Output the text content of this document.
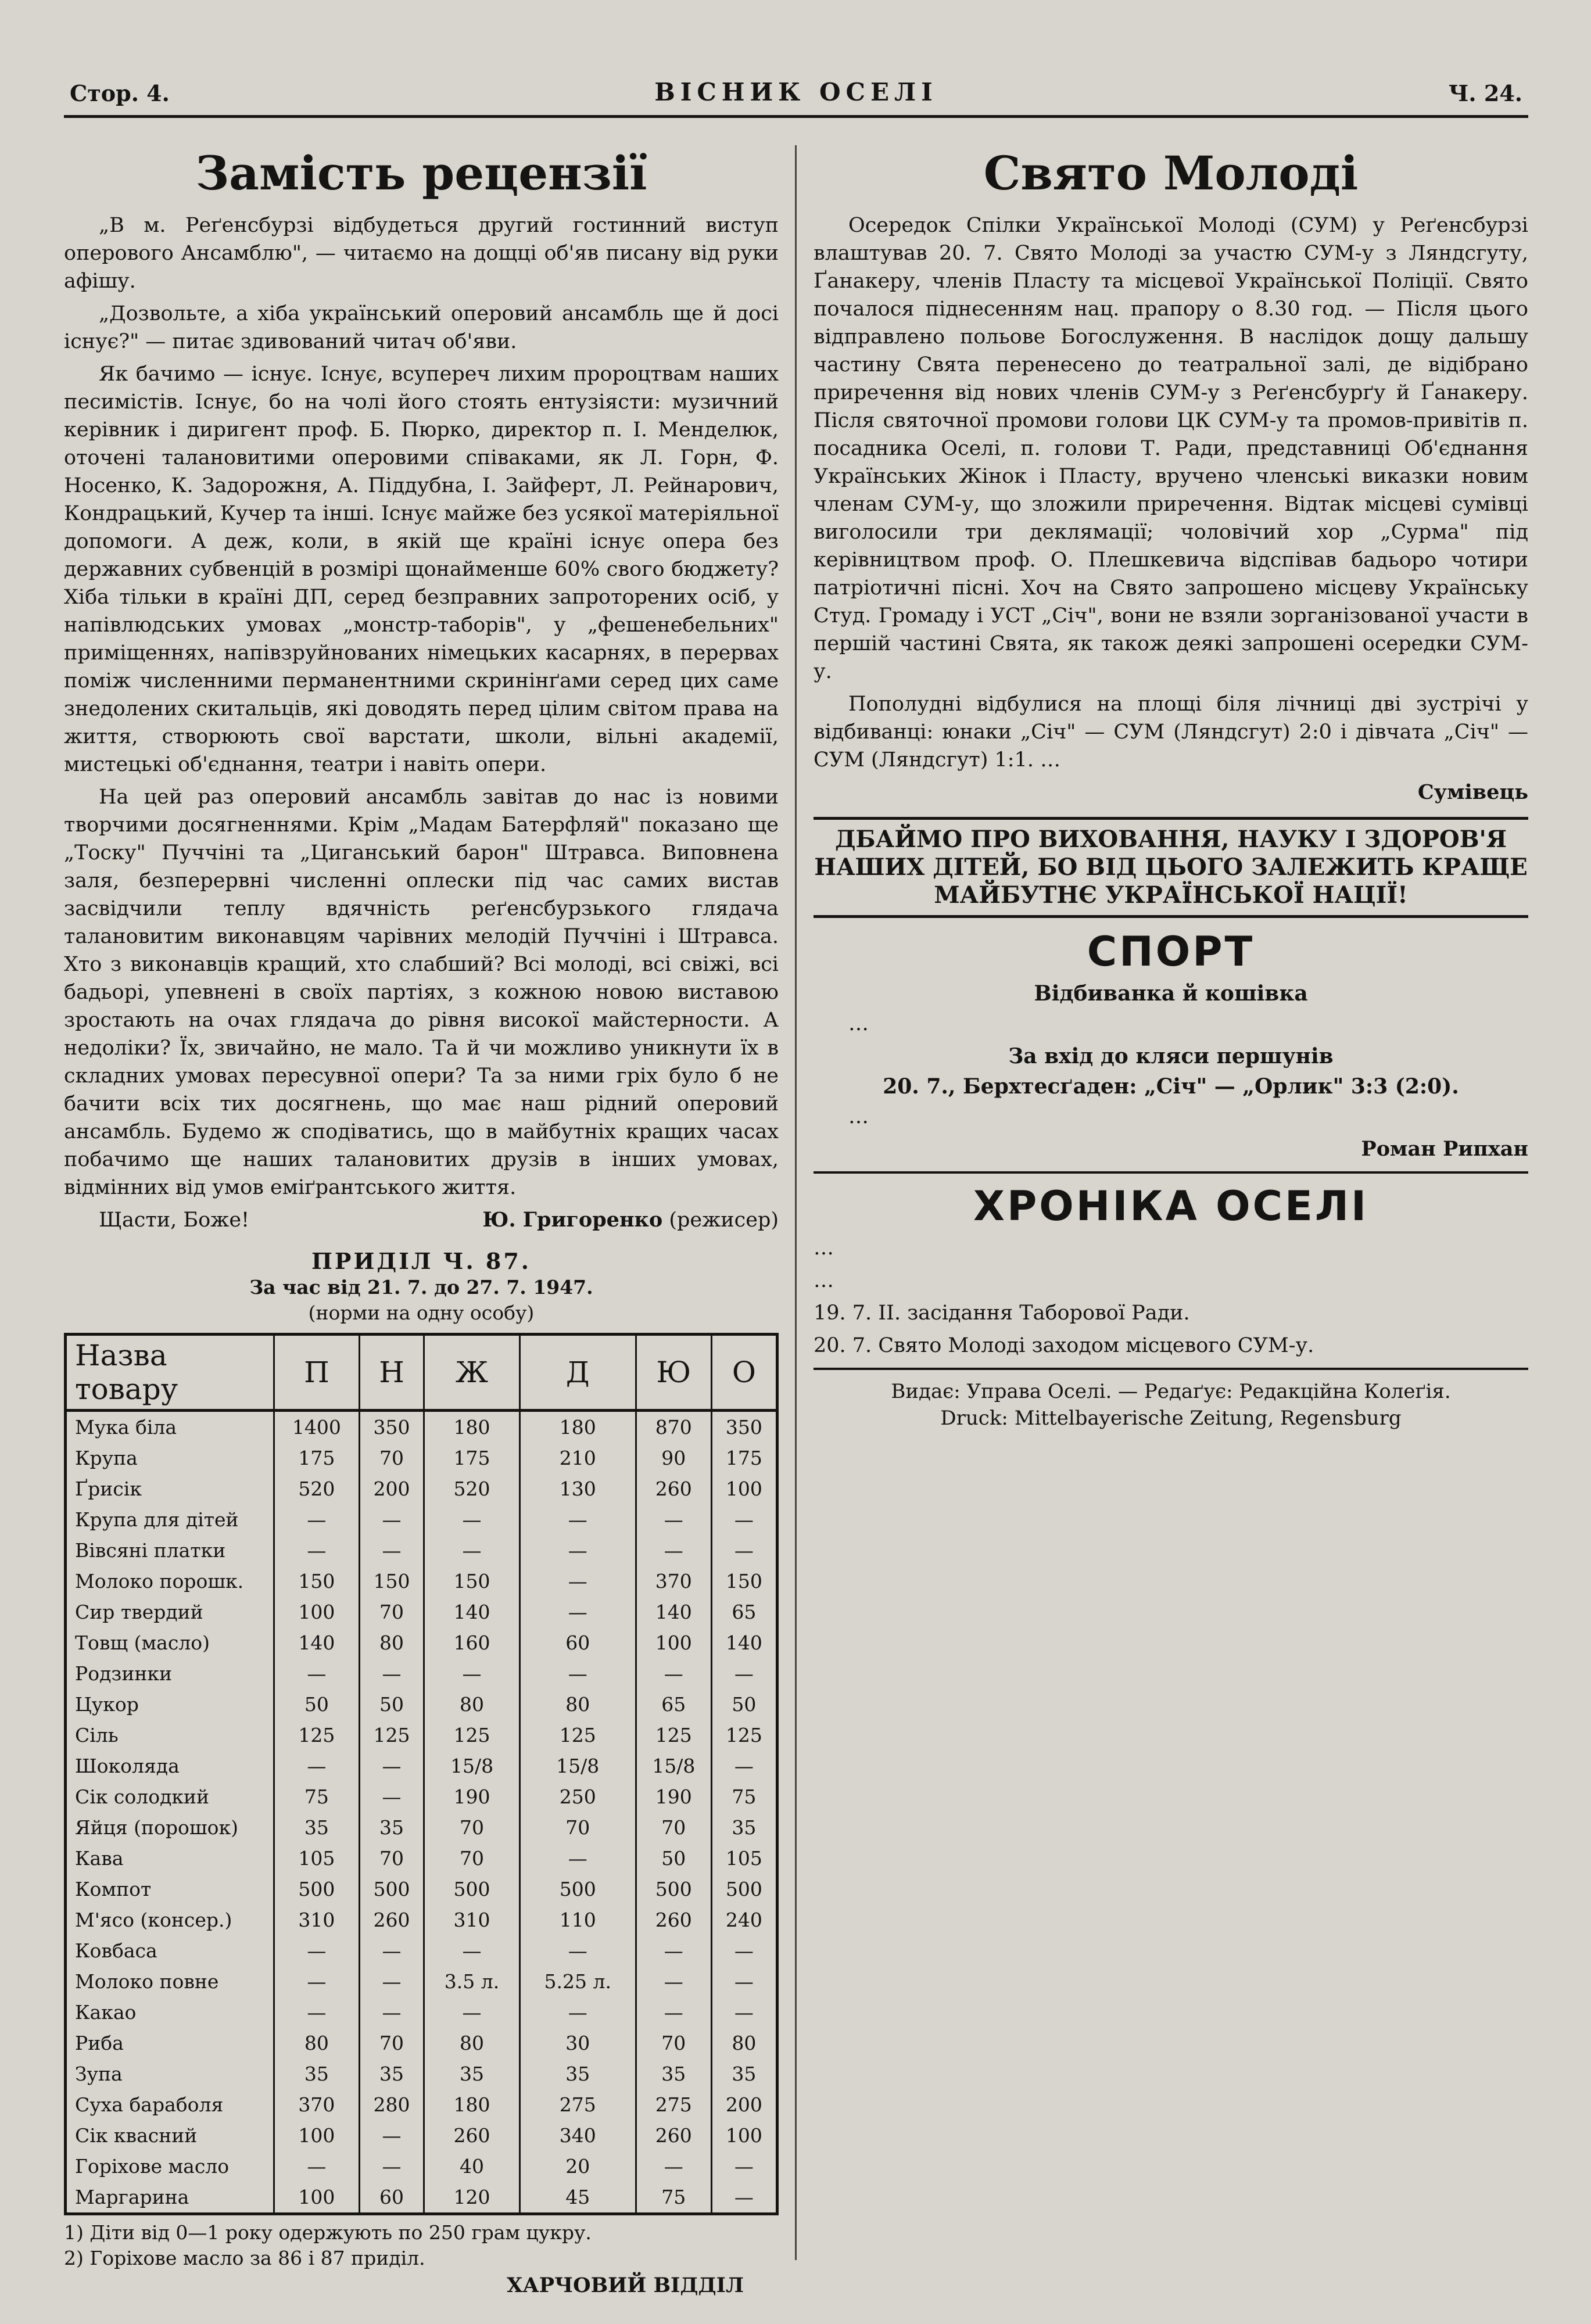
Стор. 4.	ВІСНИК ОСЕЛІ	Ч. 24.
Замість рецензії

„В м. Реґенсбурзі відбудеться другий гостинний виступ оперового Ансамблю", — читаємо на дощці об'яв писану від руки афішу.

„Дозвольте, а хіба український оперовий ансамбль ще й досі існує?" — питає здивований читач об'яви.

Як бачимо — існує. Існує, всупереч лихим пророцтвам наших песимістів. Існує, бо на чолі його стоять ентузіясти: музичний керівник і диригент проф. Б. Пюрко, директор п. І. Менделюк, оточені талановитими оперовими співаками, як Л. Горн, Ф. Носенко, К. Задорожня, А. Піддубна, І. Зайферт, Л. Рейнарович, Кондрацький, Кучер та інші. Існує майже без усякої матеріяльної допомоги. А деж, коли, в якій ще країні існує опера без державних субвенцій в розмірі щонайменше 60% свого бюджету? Хіба тільки в країні ДП, серед безправних запроторених осіб, у напівлюдських умовах „монстр-таборів", у „фешенебельних" приміщеннях, напівзруйнованих німецьких касарнях, в перервах поміж численними перманентними скринінґами серед цих саме знедолених скитальців, які доводять перед цілим світом права на життя, створюють свої варстати, школи, вільні академії, мистецькі об'єднання, театри і навіть опери.

На цей раз оперовий ансамбль завітав до нас із новими творчими досягненнями. Крім „Мадам Батерфляй" показано ще „Тоску" Пуччіні та „Циганський барон" Штравса. Виповнена заля, безперервні численні оплески під час самих вистав засвідчили теплу вдячність реґенсбурзького глядача талановитим виконавцям чарівних мелодій Пуччіні і Штравса. Хто з виконавців кращий, хто слабший? Всі молоді, всі свіжі, всі бадьорі, упевнені в своїх партіях, з кожною новою виставою зростають на очах глядача до рівня високої майстерности. А недоліки? Їх, звичайно, не мало. Та й чи можливо уникнути їх в складних умовах пересувної опери? Та за ними гріх було б не бачити всіх тих досягнень, що має наш рідний оперовий ансамбль. Будемо ж сподіватись, що в майбутніх кращих часах побачимо ще наших талановитих друзів в інших умовах, відмінних від умов еміґрантського життя.

Щасти, Боже!	Ю. Григоренко (режисер)
ПРИДІЛ Ч. 87.
За час від 21. 7. до 27. 7. 1947.
(норми на одну особу)
Назва товару	П	Н	Ж	Д	Ю	О
Мука біла	1400	350	180	180	870	350
Крупа	175	70	175	210	90	175
Ґрисік	520	200	520	130	260	100
Крупа для дітей	—	—	—	—	—	—
Вівсяні платки	—	—	—	—	—	—
Молоко порошк.	150	150	150	—	370	150
Сир твердий	100	70	140	—	140	65
Товщ (масло)	140	80	160	60	100	140
Родзинки	—	—	—	—	—	—
Цукор	50	50	80	80	65	50
Сіль	125	125	125	125	125	125
Шоколяда	—	—	15/8	15/8	15/8	—
Сік солодкий	75	—	190	250	190	75
Яйця (порошок)	35	35	70	70	70	35
Кава	105	70	70	—	50	105
Компот	500	500	500	500	500	500
М'ясо (консер.)	310	260	310	110	260	240
Ковбаса	—	—	—	—	—	—
Молоко повне	—	—	3.5 л.	5.25 л.	—	—
Какао	—	—	—	—	—	—
Риба	80	70	80	30	70	80
Зупа	35	35	35	35	35	35
Суха бараболя	370	280	180	275	275	200
Сік квасний	100	—	260	340	260	100
Горіхове масло	—	—	40	20	—	—
Маргарина	100	60	120	45	75	—
1) Діти від 0—1 року одержують по 250 грам цукру.
2) Горіхове масло за 86 і 87 приділ.
ХАРЧОВИЙ ВІДДІЛ
Свято Молоді

Осередок Спілки Української Молоді (СУМ) у Реґенсбурзі влаштував 20. 7. Свято Молоді за участю СУМ-у з Ляндсгуту, Ґанакеру, членів Пласту та місцевої Української Поліції. Свято почалося піднесенням нац. прапору о 8.30 год. — Після цього відправлено польове Богослуження. В наслідок дощу дальшу частину Свята перенесено до театральної залі, де відібрано приречення від нових членів СУМ-у з Реґенсбурґу й Ґанакеру. Після святочної промови голови ЦК СУМ-у та промов-привітів п. посадника Оселі, п. голови Т. Ради, представниці Об'єднання Українських Жінок і Пласту, вручено членські виказки новим членам СУМ-у, що зложили приречення. Відтак місцеві сумівці виголосили три деклямації; чоловічий хор „Сурма" під керівництвом проф. О. Плешкевича відспівав бадьоро чотири патріотичні пісні. Хоч на Свято запрошено місцеву Українську Студ. Громаду і УСТ „Січ", вони не взяли зорганізованої участи в першій частині Свята, як також деякі запрошені осередки СУМ-у.

Пополудні відбулися на площі біля лічниці дві зустрічі у відбиванці: юнаки „Січ" — СУМ (Ляндсгут) 2:0 і дівчата „Січ" — СУМ (Ляндсгут) 1:1. …

Сумівець
ДБАЙМО ПРО ВИХОВАННЯ, НАУКУ І ЗДОРОВ'Я НАШИХ ДІТЕЙ, БО ВІД ЦЬОГО ЗАЛЕЖИТЬ КРАЩЕ МАЙБУТНЄ УКРАЇНСЬКОЇ НАЦІЇ!
СПОРТ
Відбиванка й кошівка

…

За вхід до кляси першунів
20. 7., Берхтесґаден: „Січ" — „Орлик" 3:3 (2:0).

…

Роман Рипхан
ХРОНІКА ОСЕЛІ

…

…

19. 7. II. засідання Таборової Ради.

20. 7. Свято Молоді заходом місцевого СУМ-у.

Видає: Управа Оселі. — Редаґує: Редакційна Колеґія.
Druck: Mittelbayerische Zeitung, Regensburg
